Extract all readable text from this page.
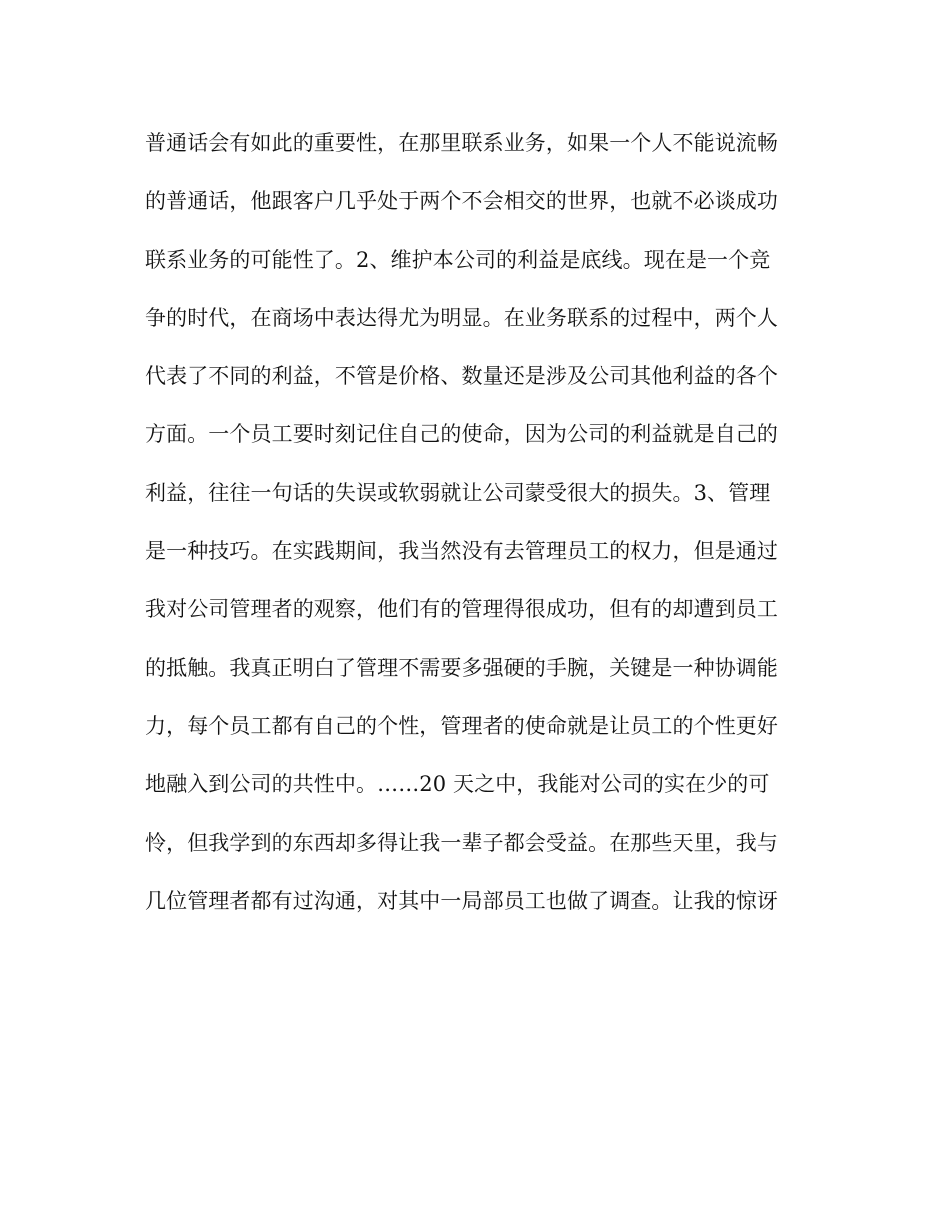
普通话会有如此的重要性，在那里联系业务，如果一个人不能说流畅
的普通话，他跟客户几乎处于两个不会相交的世界，也就不必谈成功
联系业务的可能性了。2、维护本公司的利益是底线。现在是一个竞
争的时代，在商场中表达得尤为明显。在业务联系的过程中，两个人
代表了不同的利益，不管是价格、数量还是涉及公司其他利益的各个
方面。一个员工要时刻记住自己的使命，因为公司的利益就是自己的
利益，往往一句话的失误或软弱就让公司蒙受很大的损失。3、管理
是一种技巧。在实践期间，我当然没有去管理员工的权力，但是通过
我对公司管理者的观察，他们有的管理得很成功，但有的却遭到员工
的抵触。我真正明白了管理不需要多强硬的手腕，关键是一种协调能
力，每个员工都有自己的个性，管理者的使命就是让员工的个性更好
地融入到公司的共性中。……20 天之中，我能对公司的实在少的可
怜，但我学到的东西却多得让我一辈子都会受益。在那些天里，我与
几位管理者都有过沟通，对其中一局部员工也做了调查。让我的惊讶
